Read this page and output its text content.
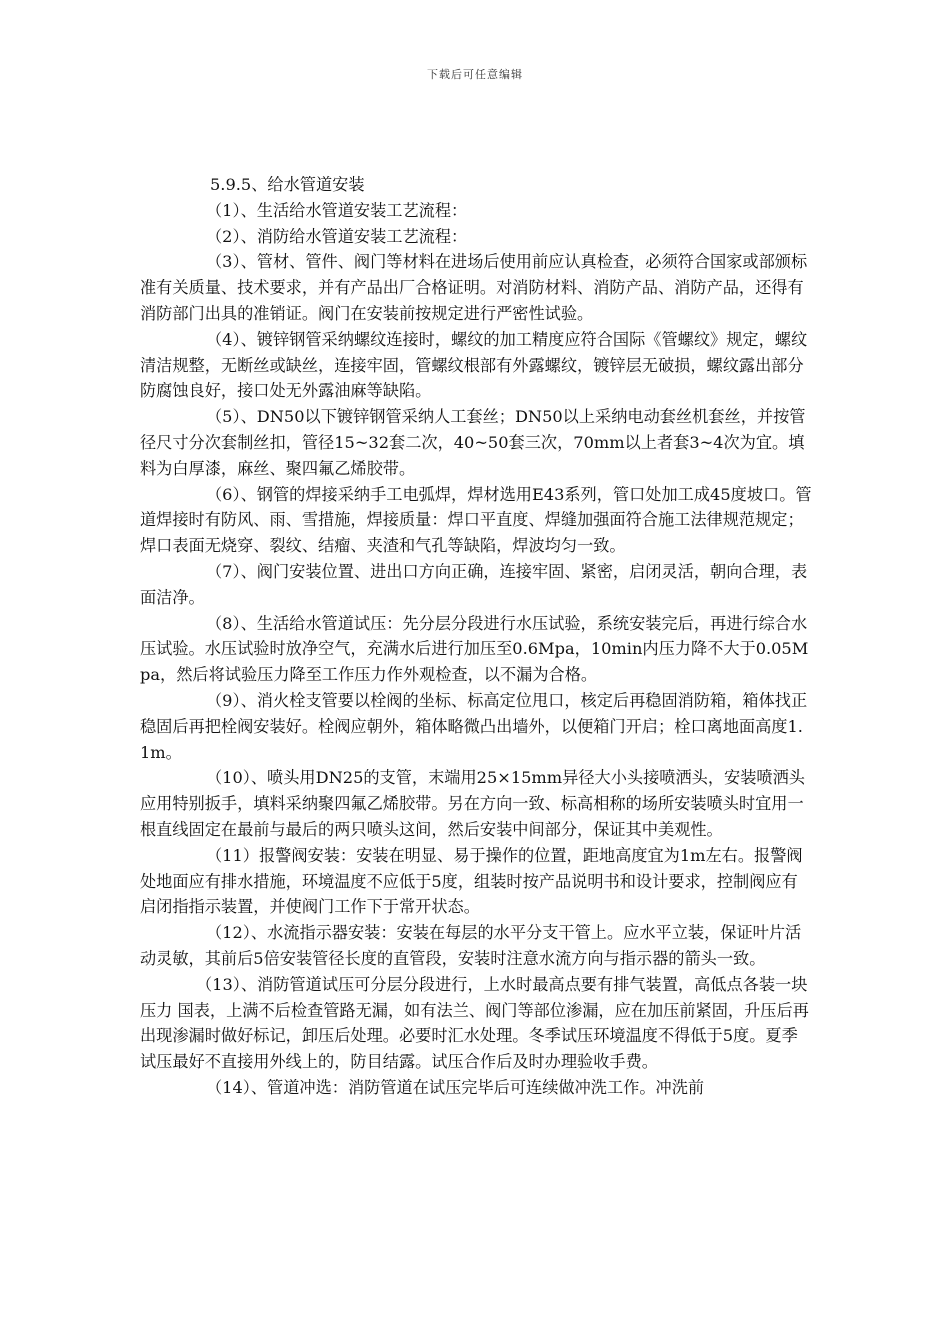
下载后可任意编辑

5.9.5、给水管道安装

（1）、生活给水管道安装工艺流程：

（2）、消防给水管道安装工艺流程：

（3）、管材、管件、阀门等材料在进场后使用前应认真检查，必须符合国家或部颁标准有关质量、技术要求，并有产品出厂合格证明。对消防材料、消防产品、消防产品，还得有消防部门出具的准销证。阀门在安装前按规定进行严密性试验。

（4）、镀锌钢管采纳螺纹连接时，螺纹的加工精度应符合国际《管螺纹》规定，螺纹清洁规整，无断丝或缺丝，连接牢固，管螺纹根部有外露螺纹，镀锌层无破损，螺纹露出部分防腐蚀良好，接口处无外露油麻等缺陷。

（5）、DN50以下镀锌钢管采纳人工套丝；DN50以上采纳电动套丝机套丝，并按管径尺寸分次套制丝扣，管径15~32套二次，40~50套三次，70mm以上者套3~4次为宜。填料为白厚漆，麻丝、聚四氟乙烯胶带。

（6）、钢管的焊接采纳手工电弧焊，焊材选用E43系列，管口处加工成45度坡口。管道焊接时有防风、雨、雪措施，焊接质量：焊口平直度、焊缝加强面符合施工法律规范规定；焊口表面无烧穿、裂纹、结瘤、夹渣和气孔等缺陷，焊波均匀一致。

（7）、阀门安装位置、进出口方向正确，连接牢固、紧密，启闭灵活，朝向合理，表面洁净。

（8）、生活给水管道试压：先分层分段进行水压试验，系统安装完后，再进行综合水压试验。水压试验时放净空气，充满水后进行加压至0.6Mpa，10min内压力降不大于0.05Mpa，然后将试验压力降至工作压力作外观检查，以不漏为合格。

（9）、消火栓支管要以栓阀的坐标、标高定位甩口，核定后再稳固消防箱，箱体找正稳固后再把栓阀安装好。栓阀应朝外，箱体略微凸出墙外，以便箱门开启；栓口离地面高度1.1m。

（10）、喷头用DN25的支管，末端用25×15mm异径大小头接喷洒头，安装喷洒头应用特别扳手，填料采纳聚四氟乙烯胶带。另在方向一致、标高相称的场所安装喷头时宜用一根直线固定在最前与最后的两只喷头这间，然后安装中间部分，保证其中美观性。

（11）报警阀安装：安装在明显、易于操作的位置，距地高度宜为1m左右。报警阀处地面应有排水措施，环境温度不应低于5度，组装时按产品说明书和设计要求，控制阀应有启闭指指示装置，并使阀门工作下于常开状态。

（12）、水流指示器安装：安装在每层的水平分支干管上。应水平立装，保证叶片活动灵敏，其前后5倍安装管径长度的直管段，安装时注意水流方向与指示器的箭头一致。

（13）、消防管道试压可分层分段进行，上水时最高点要有排气装置，高低点各装一块压力 国表，上满不后检查管路无漏，如有法兰、阀门等部位渗漏，应在加压前紧固，升压后再出现渗漏时做好标记，卸压后处理。必要时汇水处理。冬季试压环境温度不得低于5度。夏季试压最好不直接用外线上的，防目结露。试压合作后及时办理验收手费。

（14）、管道冲选：消防管道在试压完毕后可连续做冲洗工作。冲洗前
